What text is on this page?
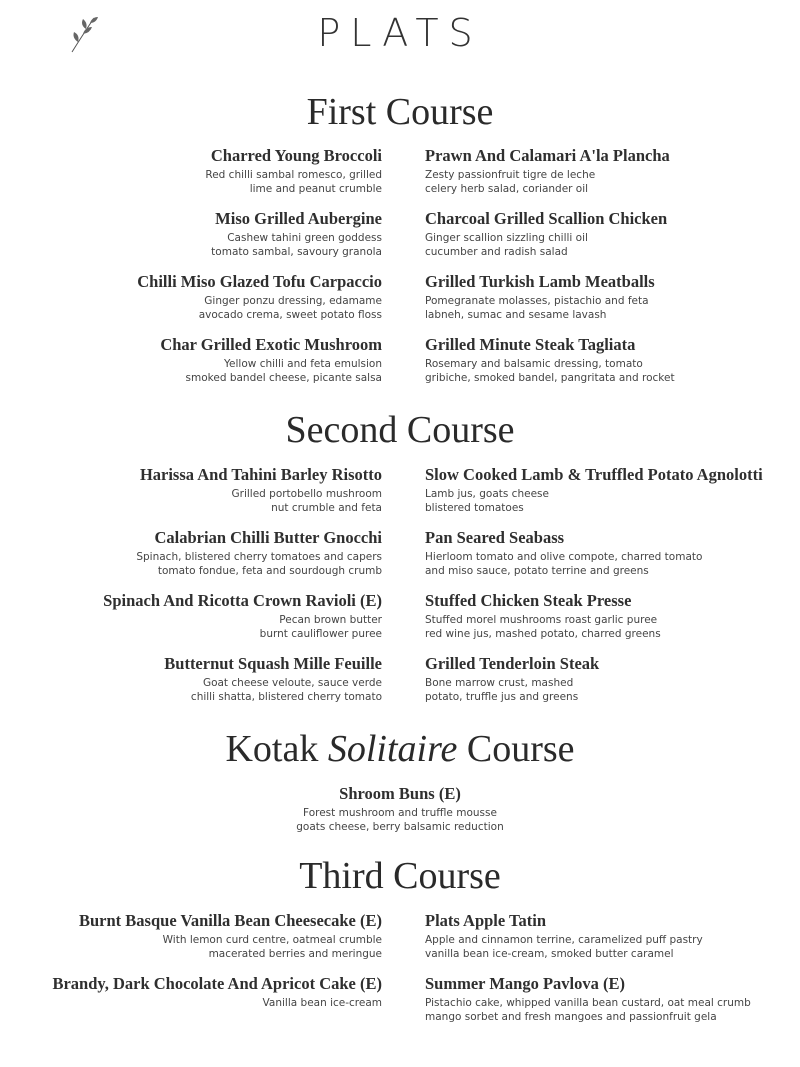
PLATS
First Course
Charred Young Broccoli
Red chilli sambal romesco, grilled
lime and peanut crumble
Miso Grilled Aubergine
Cashew tahini green goddess
tomato sambal, savoury granola
Chilli Miso Glazed Tofu Carpaccio
Ginger ponzu dressing, edamame
avocado crema, sweet potato floss
Char Grilled Exotic Mushroom
Yellow chilli and feta emulsion
smoked bandel cheese, picante salsa
Prawn And Calamari A'la Plancha
Zesty passionfruit tigre de leche
celery herb salad, coriander oil
Charcoal Grilled Scallion Chicken
Ginger scallion sizzling chilli oil
cucumber and radish salad
Grilled Turkish Lamb Meatballs
Pomegranate molasses, pistachio and feta
labneh, sumac and sesame lavash
Grilled Minute Steak Tagliata
Rosemary and balsamic dressing, tomato
gribiche, smoked bandel, pangritata and rocket
Second Course
Harissa And Tahini Barley Risotto
Grilled portobello mushroom
nut crumble and feta
Calabrian Chilli Butter Gnocchi
Spinach, blistered cherry tomatoes and capers
tomato fondue, feta and sourdough crumb
Spinach And Ricotta Crown Ravioli (E)
Pecan brown butter
burnt cauliflower puree
Butternut Squash Mille Feuille
Goat cheese veloute, sauce verde
chilli shatta, blistered cherry tomato
Slow Cooked Lamb & Truffled Potato Agnolotti
Lamb jus, goats cheese
blistered tomatoes
Pan Seared Seabass
Hierloom tomato and olive compote, charred tomato
and miso sauce, potato terrine and greens
Stuffed Chicken Steak Presse
Stuffed morel mushrooms roast garlic puree
red wine jus, mashed potato, charred greens
Grilled Tenderloin Steak
Bone marrow crust, mashed
potato, truffle jus and greens
Kotak Solitaire Course
Shroom Buns (E)
Forest mushroom and truffle mousse
goats cheese, berry balsamic reduction
Third Course
Burnt Basque Vanilla Bean Cheesecake (E)
With lemon curd centre, oatmeal crumble
macerated berries and meringue
Brandy, Dark Chocolate And Apricot Cake (E)
Vanilla bean ice-cream
Plats Apple Tatin
Apple and cinnamon terrine, caramelized puff pastry
vanilla bean ice-cream, smoked butter caramel
Summer Mango Pavlova (E)
Pistachio cake, whipped vanilla bean custard, oat meal crumb
mango sorbet and fresh mangoes and passionfruit gela
